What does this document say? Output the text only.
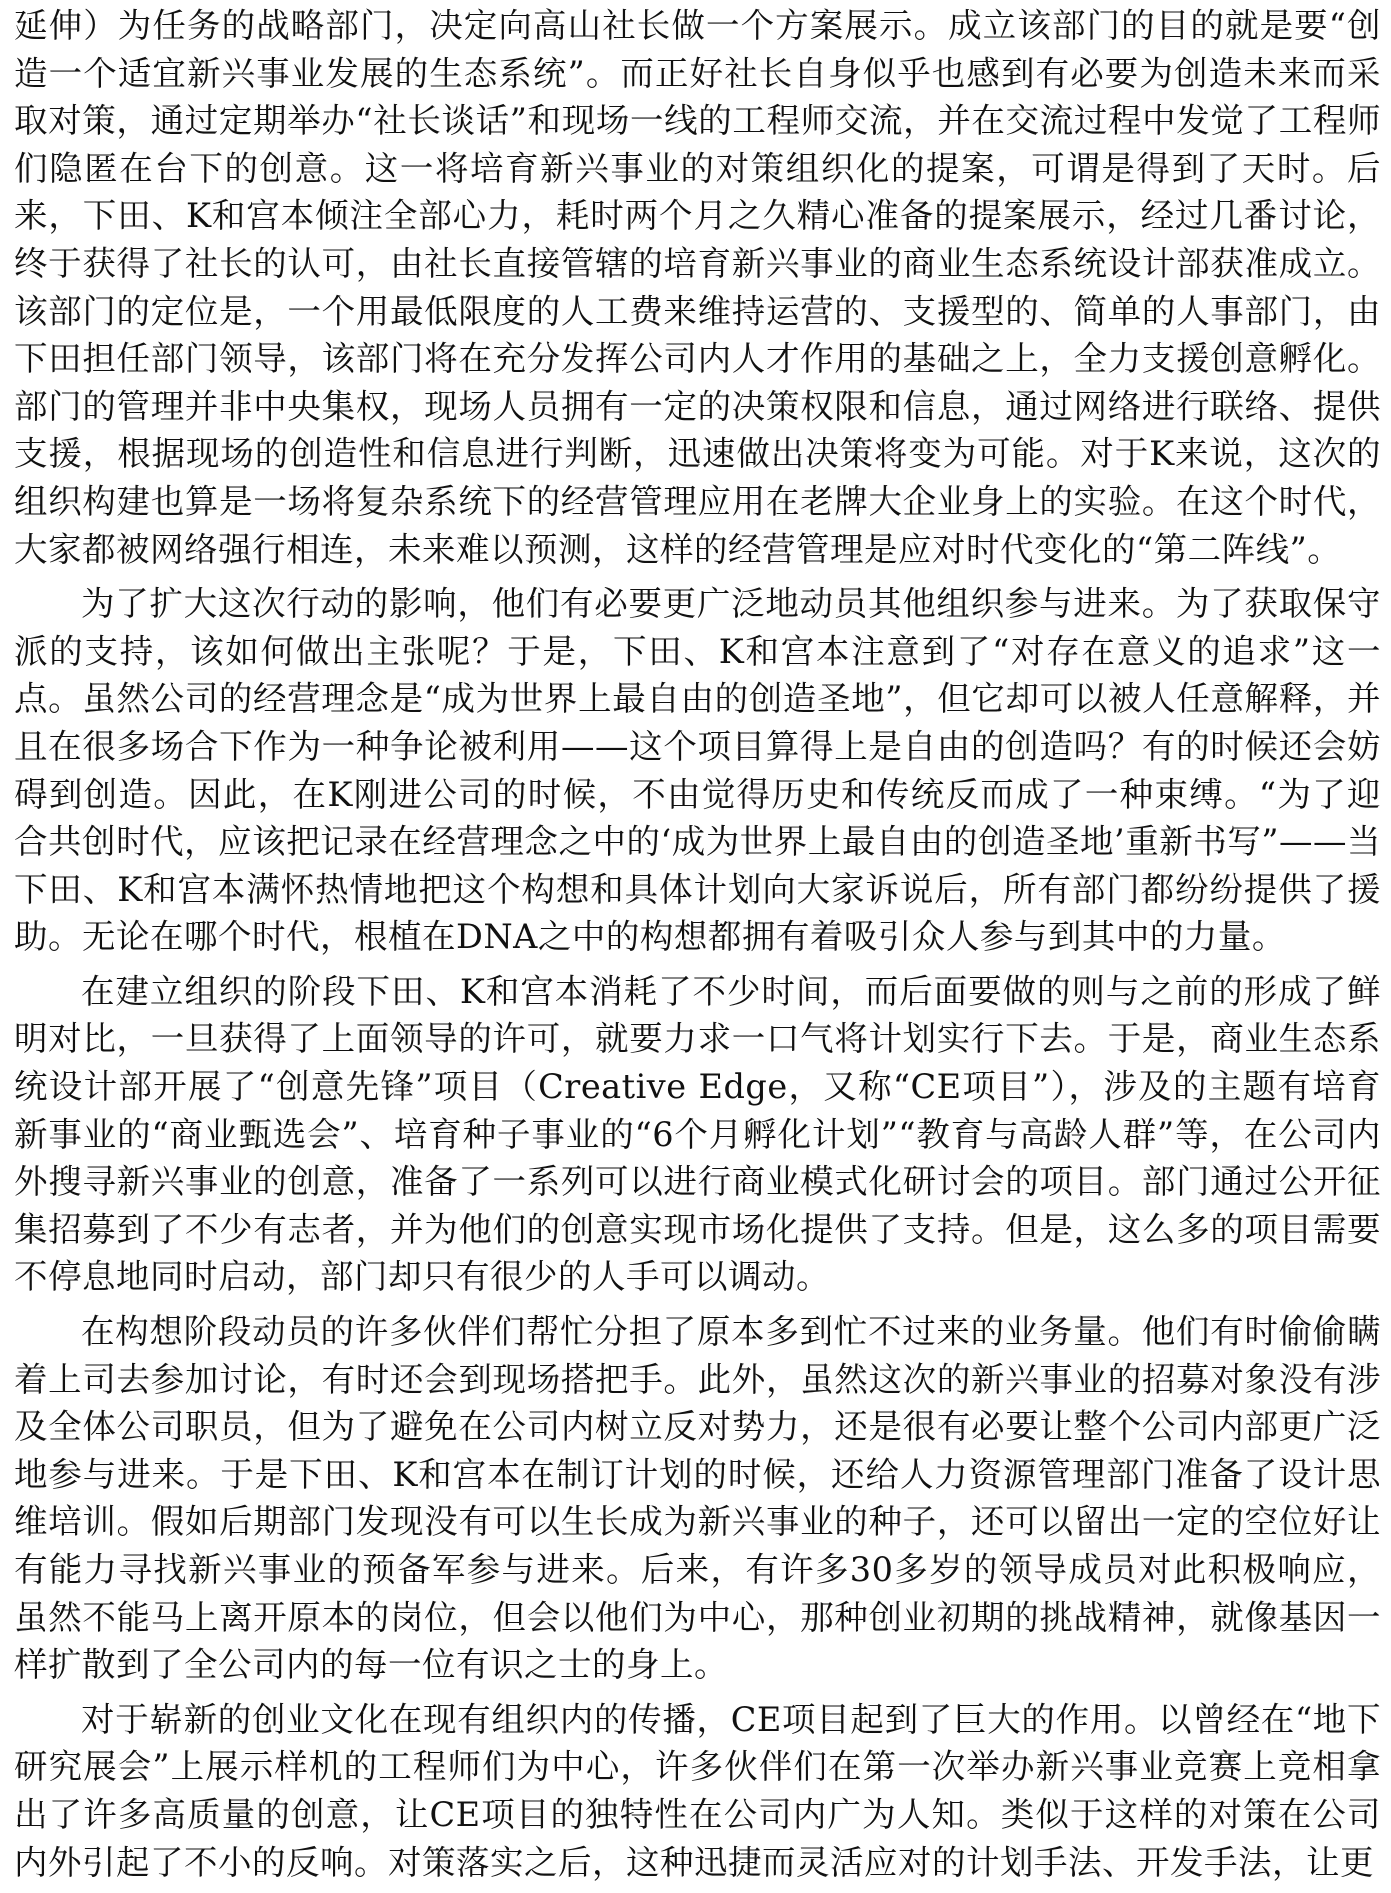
延伸）为任务的战略部门，决定向高山社长做一个方案展示。成立该部门的目的就是要“创造一个适宜新兴事业发展的生态系统”。而正好社长自身似乎也感到有必要为创造未来而采取对策，通过定期举办“社长谈话”和现场一线的工程师交流，并在交流过程中发觉了工程师们隐匿在台下的创意。这一将培育新兴事业的对策组织化的提案，可谓是得到了天时。后来，下田、K和宫本倾注全部心力，耗时两个月之久精心准备的提案展示，经过几番讨论，终于获得了社长的认可，由社长直接管辖的培育新兴事业的商业生态系统设计部获准成立。该部门的定位是，一个用最低限度的人工费来维持运营的、支援型的、简单的人事部门，由下田担任部门领导，该部门将在充分发挥公司内人才作用的基础之上，全力支援创意孵化。部门的管理并非中央集权，现场人员拥有一定的决策权限和信息，通过网络进行联络、提供支援，根据现场的创造性和信息进行判断，迅速做出决策将变为可能。对于K来说，这次的组织构建也算是一场将复杂系统下的经营管理应用在老牌大企业身上的实验。在这个时代，大家都被网络强行相连，未来难以预测，这样的经营管理是应对时代变化的“第二阵线”。

为了扩大这次行动的影响，他们有必要更广泛地动员其他组织参与进来。为了获取保守派的支持，该如何做出主张呢？于是，下田、K和宫本注意到了“对存在意义的追求”这一点。虽然公司的经营理念是“成为世界上最自由的创造圣地”，但它却可以被人任意解释，并且在很多场合下作为一种争论被利用——这个项目算得上是自由的创造吗？有的时候还会妨碍到创造。因此，在K刚进公司的时候，不由觉得历史和传统反而成了一种束缚。“为了迎合共创时代，应该把记录在经营理念之中的‘成为世界上最自由的创造圣地’重新书写”——当下田、K和宫本满怀热情地把这个构想和具体计划向大家诉说后，所有部门都纷纷提供了援助。无论在哪个时代，根植在DNA之中的构想都拥有着吸引众人参与到其中的力量。

在建立组织的阶段下田、K和宫本消耗了不少时间，而后面要做的则与之前的形成了鲜明对比，一旦获得了上面领导的许可，就要力求一口气将计划实行下去。于是，商业生态系统设计部开展了“创意先锋”项目（Creative Edge，又称“CE项目”），涉及的主题有培育新事业的“商业甄选会”、培育种子事业的“6个月孵化计划”“教育与高龄人群”等，在公司内外搜寻新兴事业的创意，准备了一系列可以进行商业模式化研讨会的项目。部门通过公开征集招募到了不少有志者，并为他们的创意实现市场化提供了支持。但是，这么多的项目需要不停息地同时启动，部门却只有很少的人手可以调动。

在构想阶段动员的许多伙伴们帮忙分担了原本多到忙不过来的业务量。他们有时偷偷瞒着上司去参加讨论，有时还会到现场搭把手。此外，虽然这次的新兴事业的招募对象没有涉及全体公司职员，但为了避免在公司内树立反对势力，还是很有必要让整个公司内部更广泛地参与进来。于是下田、K和宫本在制订计划的时候，还给人力资源管理部门准备了设计思维培训。假如后期部门发现没有可以生长成为新兴事业的种子，还可以留出一定的空位好让有能力寻找新兴事业的预备军参与进来。后来，有许多30多岁的领导成员对此积极响应，虽然不能马上离开原本的岗位，但会以他们为中心，那种创业初期的挑战精神，就像基因一样扩散到了全公司内的每一位有识之士的身上。

对于崭新的创业文化在现有组织内的传播，CE项目起到了巨大的作用。以曾经在“地下研究展会”上展示样机的工程师们为中心，许多伙伴们在第一次举办新兴事业竞赛上竞相拿出了许多高质量的创意，让CE项目的独特性在公司内广为人知。类似于这样的对策在公司内外引起了不小的反响。对策落实之后，这种迅捷而灵活应对的计划手法、开发手法，让更
